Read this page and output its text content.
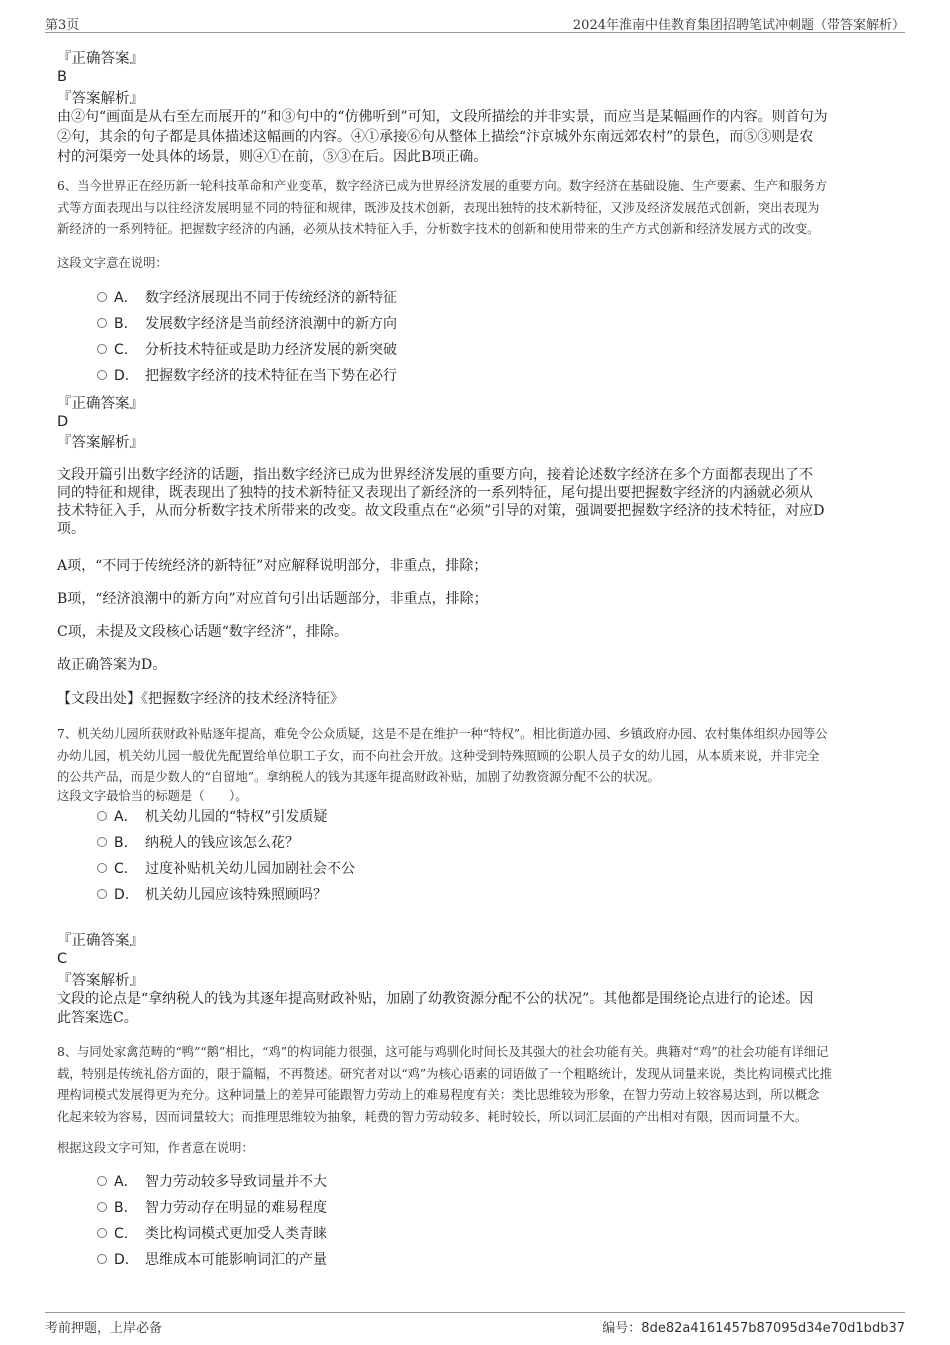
第3页	2024年淮南中佳教育集团招聘笔试冲刺题（带答案解析）
『正确答案』
B
『答案解析』
由②句“画面是从右至左而展开的”和③句中的“仿佛听到”可知，文段所描绘的并非实景，而应当是某幅画作的内容。则首句为
②句，其余的句子都是具体描述这幅画的内容。④①承接⑥句从整体上描绘“汴京城外东南远郊农村”的景色，而⑤③则是农
村的河渠旁一处具体的场景，则④①在前，⑤③在后。因此B项正确。
6、当今世界正在经历新一轮科技革命和产业变革，数字经济已成为世界经济发展的重要方向。数字经济在基础设施、生产要素、生产和服务方
式等方面表现出与以往经济发展明显不同的特征和规律，既涉及技术创新，表现出独特的技术新特征，又涉及经济发展范式创新，突出表现为
新经济的一系列特征。把握数字经济的内涵，必须从技术特征入手，分析数字技术的创新和使用带来的生产方式创新和经济发展方式的改变。
这段文字意在说明：
A． 数字经济展现出不同于传统经济的新特征
B. 发展数字经济是当前经济浪潮中的新方向
C. 分析技术特征或是助力经济发展的新突破
D. 把握数字经济的技术特征在当下势在必行
『正确答案』
D
『答案解析』
文段开篇引出数字经济的话题，指出数字经济已成为世界经济发展的重要方向，接着论述数字经济在多个方面都表现出了不
同的特征和规律，既表现出了独特的技术新特征又表现出了新经济的一系列特征，尾句提出要把握数字经济的内涵就必须从
技术特征入手，从而分析数字技术所带来的改变。故文段重点在“必须”引导的对策，强调要把握数字经济的技术特征，对应D
项。
A项，“不同于传统经济的新特征”对应解释说明部分，非重点，排除；
B项，“经济浪潮中的新方向”对应首句引出话题部分，非重点，排除；
C项，未提及文段核心话题“数字经济”，排除。
故正确答案为D。
【文段出处】《把握数字经济的技术经济特征》
7、机关幼儿园所获财政补贴逐年提高，难免令公众质疑，这是不是在维护一种“特权”。相比街道办园、乡镇政府办园、农村集体组织办园等公
办幼儿园，机关幼儿园一般优先配置给单位职工子女，而不向社会开放。这种受到特殊照顾的公职人员子女的幼儿园，从本质来说，并非完全
的公共产品，而是少数人的“自留地”。拿纳税人的钱为其逐年提高财政补贴，加剧了幼教资源分配不公的状况。
这段文字最恰当的标题是（　　）。
A． 机关幼儿园的“特权”引发质疑
B. 纳税人的钱应该怎么花？
C. 过度补贴机关幼儿园加剧社会不公
D. 机关幼儿园应该特殊照顾吗？
『正确答案』
C
『答案解析』
文段的论点是“拿纳税人的钱为其逐年提高财政补贴，加剧了幼教资源分配不公的状况”。其他都是围绕论点进行的论述。因
此答案选C。
8、与同处家禽范畴的“鸭”“鹅”相比，“鸡”的构词能力很强，这可能与鸡驯化时间长及其强大的社会功能有关。典籍对“鸡”的社会功能有详细记
载，特别是传统礼俗方面的，限于篇幅，不再赘述。研究者对以“鸡”为核心语素的词语做了一个粗略统计，发现从词量来说，类比构词模式比推
理构词模式发展得更为充分。这种词量上的差异可能跟智力劳动上的难易程度有关：类比思维较为形象，在智力劳动上较容易达到，所以概念
化起来较为容易，因而词量较大；而推理思维较为抽象，耗费的智力劳动较多、耗时较长，所以词汇层面的产出相对有限，因而词量不大。
根据这段文字可知，作者意在说明：
A． 智力劳动较多导致词量并不大
B. 智力劳动存在明显的难易程度
C. 类比构词模式更加受人类青睐
D. 思维成本可能影响词汇的产量
考前押题，上岸必备	编号：8de82a4161457b87095d34e70d1bdb37
